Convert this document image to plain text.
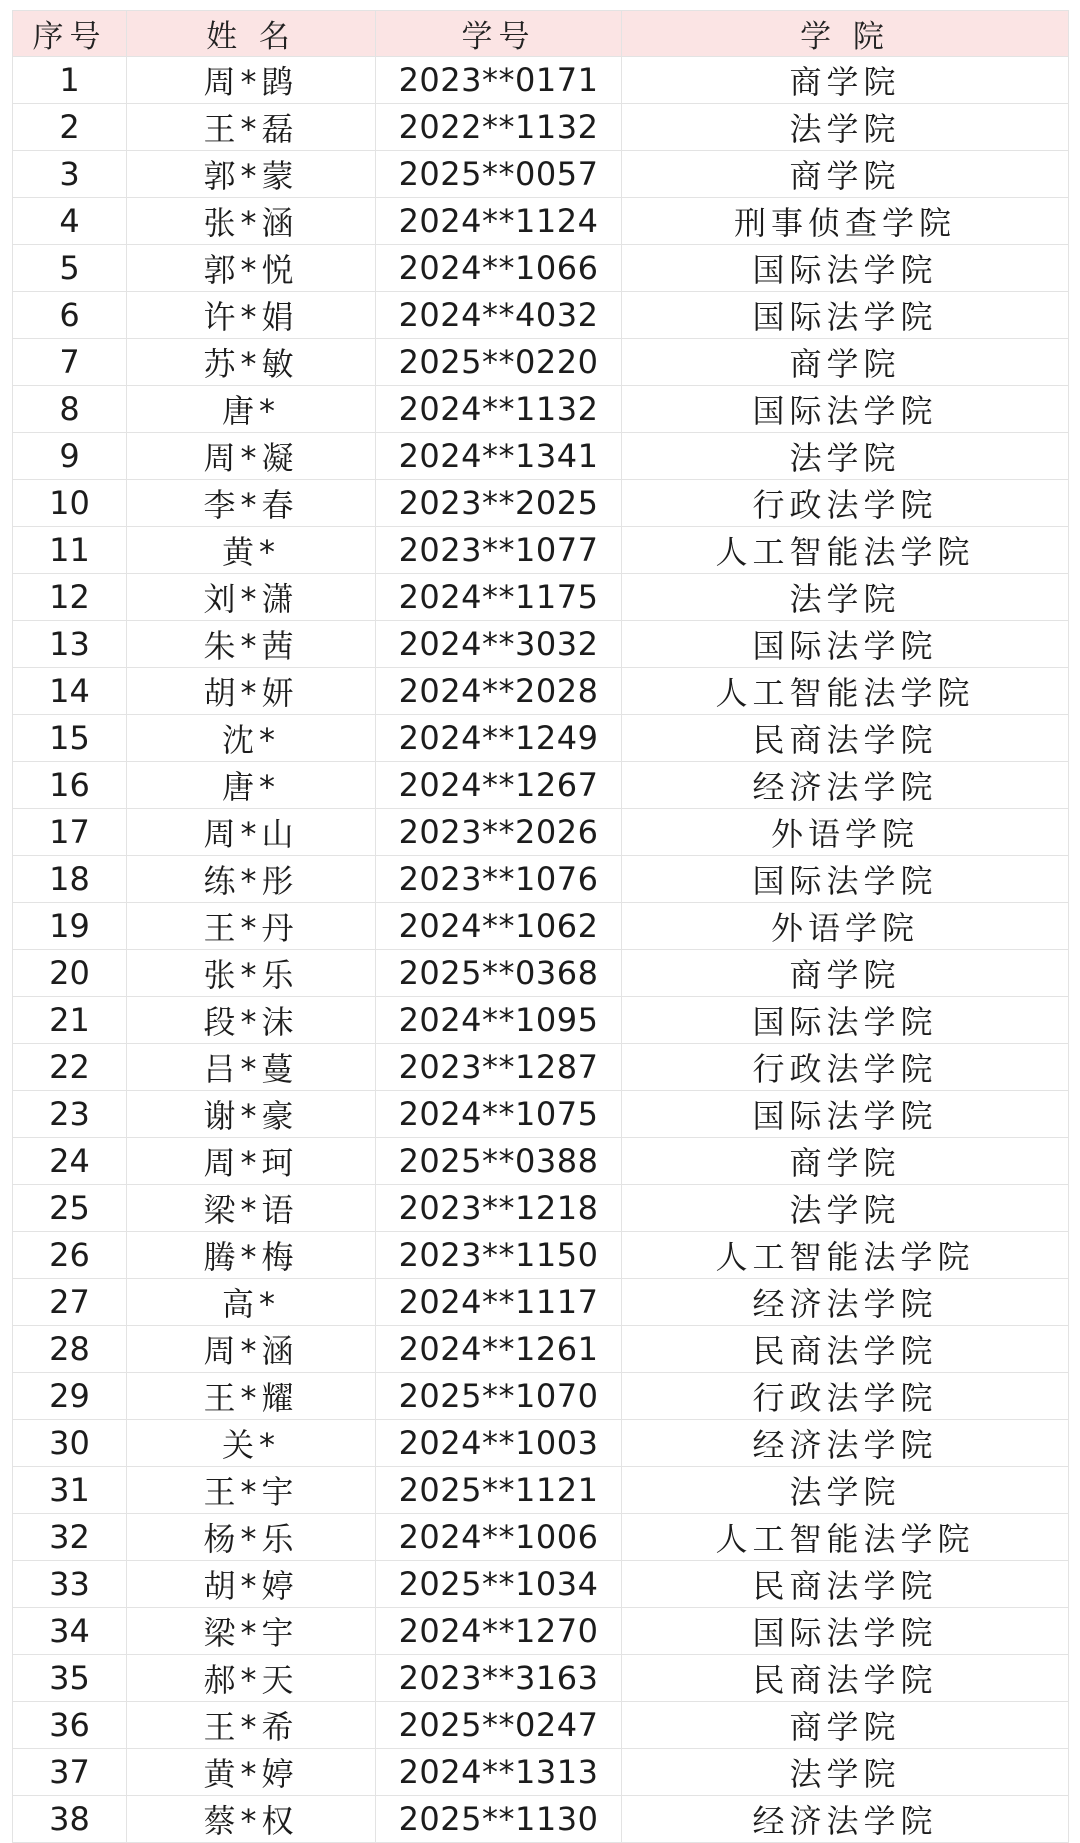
序号	姓 名	学号	学 院
1	周*鹍	2023**0171	商学院
2	王*磊	2022**1132	法学院
3	郭*蒙	2025**0057	商学院
4	张*涵	2024**1124	刑事侦查学院
5	郭*悦	2024**1066	国际法学院
6	许*娟	2024**4032	国际法学院
7	苏*敏	2025**0220	商学院
8	唐*	2024**1132	国际法学院
9	周*凝	2024**1341	法学院
10	李*春	2023**2025	行政法学院
11	黄*	2023**1077	人工智能法学院
12	刘*潇	2024**1175	法学院
13	朱*茜	2024**3032	国际法学院
14	胡*妍	2024**2028	人工智能法学院
15	沈*	2024**1249	民商法学院
16	唐*	2024**1267	经济法学院
17	周*山	2023**2026	外语学院
18	练*彤	2023**1076	国际法学院
19	王*丹	2024**1062	外语学院
20	张*乐	2025**0368	商学院
21	段*沫	2024**1095	国际法学院
22	吕*蔓	2023**1287	行政法学院
23	谢*豪	2024**1075	国际法学院
24	周*珂	2025**0388	商学院
25	梁*语	2023**1218	法学院
26	腾*梅	2023**1150	人工智能法学院
27	高*	2024**1117	经济法学院
28	周*涵	2024**1261	民商法学院
29	王*耀	2025**1070	行政法学院
30	关*	2024**1003	经济法学院
31	王*宇	2025**1121	法学院
32	杨*乐	2024**1006	人工智能法学院
33	胡*婷	2025**1034	民商法学院
34	梁*宇	2024**1270	国际法学院
35	郝*天	2023**3163	民商法学院
36	王*希	2025**0247	商学院
37	黄*婷	2024**1313	法学院
38	蔡*权	2025**1130	经济法学院
